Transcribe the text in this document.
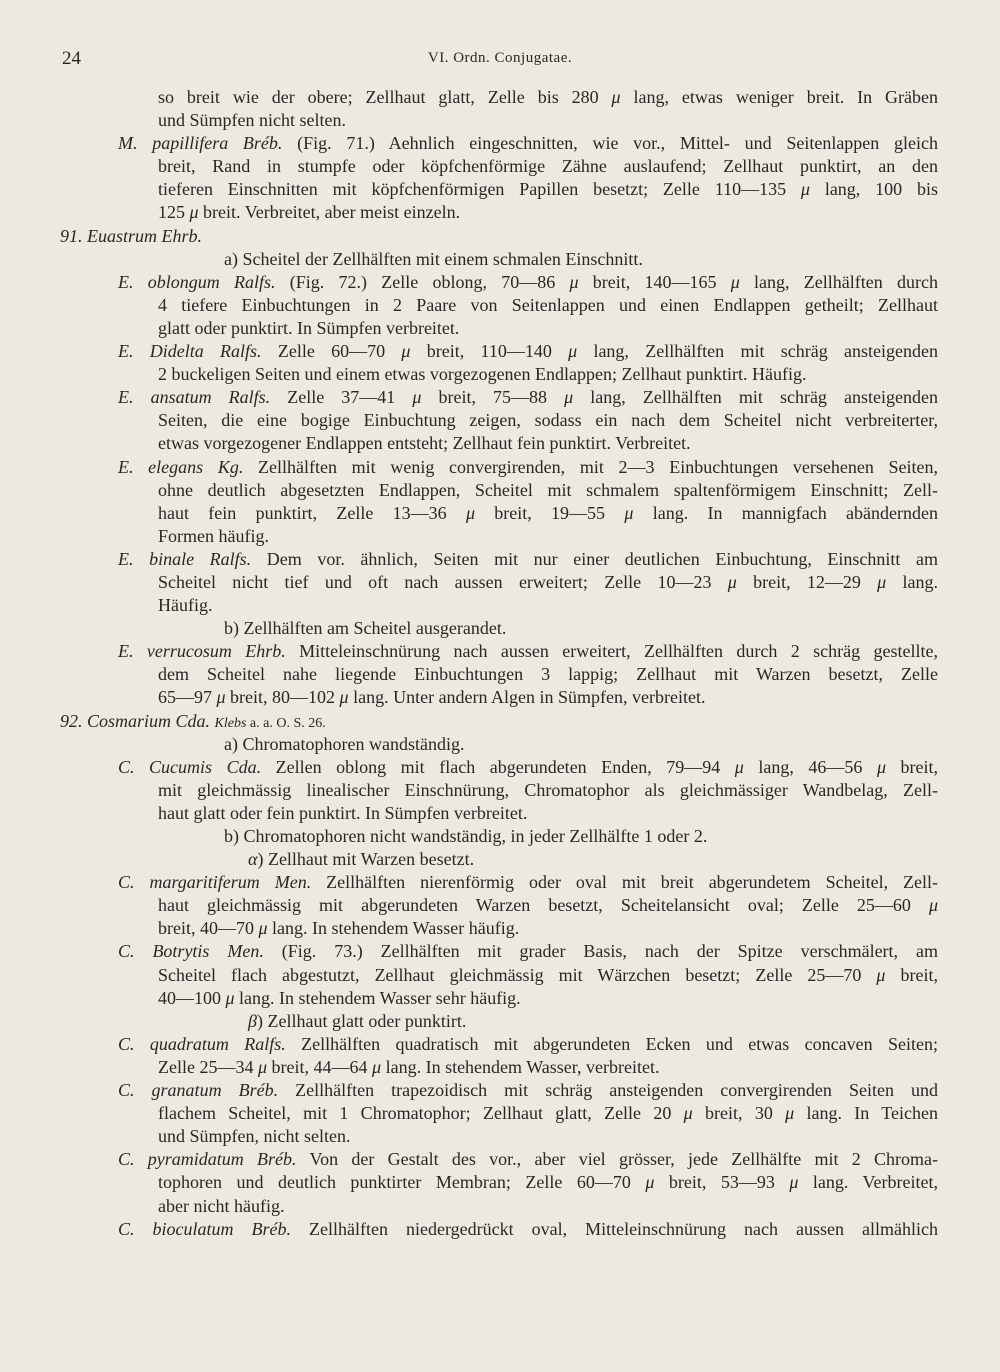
24	VI. Ordn. Conjugatae.
so breit wie der obere; Zellhaut glatt, Zelle bis 280 μ lang, etwas weniger breit. In Gräben
und Sümpfen nicht selten.
M. papillifera Bréb. (Fig. 71.) Aehnlich eingeschnitten, wie vor., Mittel- und Seitenlappen gleich
breit, Rand in stumpfe oder köpfchenförmige Zähne auslaufend; Zellhaut punktirt, an den
tieferen Einschnitten mit köpfchenförmigen Papillen besetzt; Zelle 110—135 μ lang, 100 bis
125 μ breit. Verbreitet, aber meist einzeln.
91. Euastrum Ehrb.
a) Scheitel der Zellhälften mit einem schmalen Einschnitt.
E. oblongum Ralfs. (Fig. 72.) Zelle oblong, 70—86 μ breit, 140—165 μ lang, Zellhälften durch
4 tiefere Einbuchtungen in 2 Paare von Seitenlappen und einen Endlappen getheilt; Zellhaut
glatt oder punktirt. In Sümpfen verbreitet.
E. Didelta Ralfs. Zelle 60—70 μ breit, 110—140 μ lang, Zellhälften mit schräg ansteigenden
2 buckeligen Seiten und einem etwas vorgezogenen Endlappen; Zellhaut punktirt. Häufig.
E. ansatum Ralfs. Zelle 37—41 μ breit, 75—88 μ lang, Zellhälften mit schräg ansteigenden
Seiten, die eine bogige Einbuchtung zeigen, sodass ein nach dem Scheitel nicht verbreiterter,
etwas vorgezogener Endlappen entsteht; Zellhaut fein punktirt. Verbreitet.
E. elegans Kg. Zellhälften mit wenig convergirenden, mit 2—3 Einbuchtungen versehenen Seiten,
ohne deutlich abgesetzten Endlappen, Scheitel mit schmalem spaltenförmigem Einschnitt; Zell-
haut fein punktirt, Zelle 13—36 μ breit, 19—55 μ lang. In mannigfach abändernden
Formen häufig.
E. binale Ralfs. Dem vor. ähnlich, Seiten mit nur einer deutlichen Einbuchtung, Einschnitt am
Scheitel nicht tief und oft nach aussen erweitert; Zelle 10—23 μ breit, 12—29 μ lang.
Häufig.
b) Zellhälften am Scheitel ausgerandet.
E. verrucosum Ehrb. Mitteleinschnürung nach aussen erweitert, Zellhälften durch 2 schräg gestellte,
dem Scheitel nahe liegende Einbuchtungen 3 lappig; Zellhaut mit Warzen besetzt, Zelle
65—97 μ breit, 80—102 μ lang. Unter andern Algen in Sümpfen, verbreitet.
92. Cosmarium Cda. Klebs a. a. O. S. 26.
a) Chromatophoren wandständig.
C. Cucumis Cda. Zellen oblong mit flach abgerundeten Enden, 79—94 μ lang, 46—56 μ breit,
mit gleichmässig linealischer Einschnürung, Chromatophor als gleichmässiger Wandbelag, Zell-
haut glatt oder fein punktirt. In Sümpfen verbreitet.
b) Chromatophoren nicht wandständig, in jeder Zellhälfte 1 oder 2.
α) Zellhaut mit Warzen besetzt.
C. margaritiferum Men. Zellhälften nierenförmig oder oval mit breit abgerundetem Scheitel, Zell-
haut gleichmässig mit abgerundeten Warzen besetzt, Scheitelansicht oval; Zelle 25—60 μ
breit, 40—70 μ lang. In stehendem Wasser häufig.
C. Botrytis Men. (Fig. 73.) Zellhälften mit grader Basis, nach der Spitze verschmälert, am
Scheitel flach abgestutzt, Zellhaut gleichmässig mit Wärzchen besetzt; Zelle 25—70 μ breit,
40—100 μ lang. In stehendem Wasser sehr häufig.
β) Zellhaut glatt oder punktirt.
C. quadratum Ralfs. Zellhälften quadratisch mit abgerundeten Ecken und etwas concaven Seiten;
Zelle 25—34 μ breit, 44—64 μ lang. In stehendem Wasser, verbreitet.
C. granatum Bréb. Zellhälften trapezoidisch mit schräg ansteigenden convergirenden Seiten und
flachem Scheitel, mit 1 Chromatophor; Zellhaut glatt, Zelle 20 μ breit, 30 μ lang. In Teichen
und Sümpfen, nicht selten.
C. pyramidatum Bréb. Von der Gestalt des vor., aber viel grösser, jede Zellhälfte mit 2 Chroma-
tophoren und deutlich punktirter Membran; Zelle 60—70 μ breit, 53—93 μ lang. Verbreitet,
aber nicht häufig.
C. bioculatum Bréb. Zellhälften niedergedrückt oval, Mitteleinschnürung nach aussen allmählich
